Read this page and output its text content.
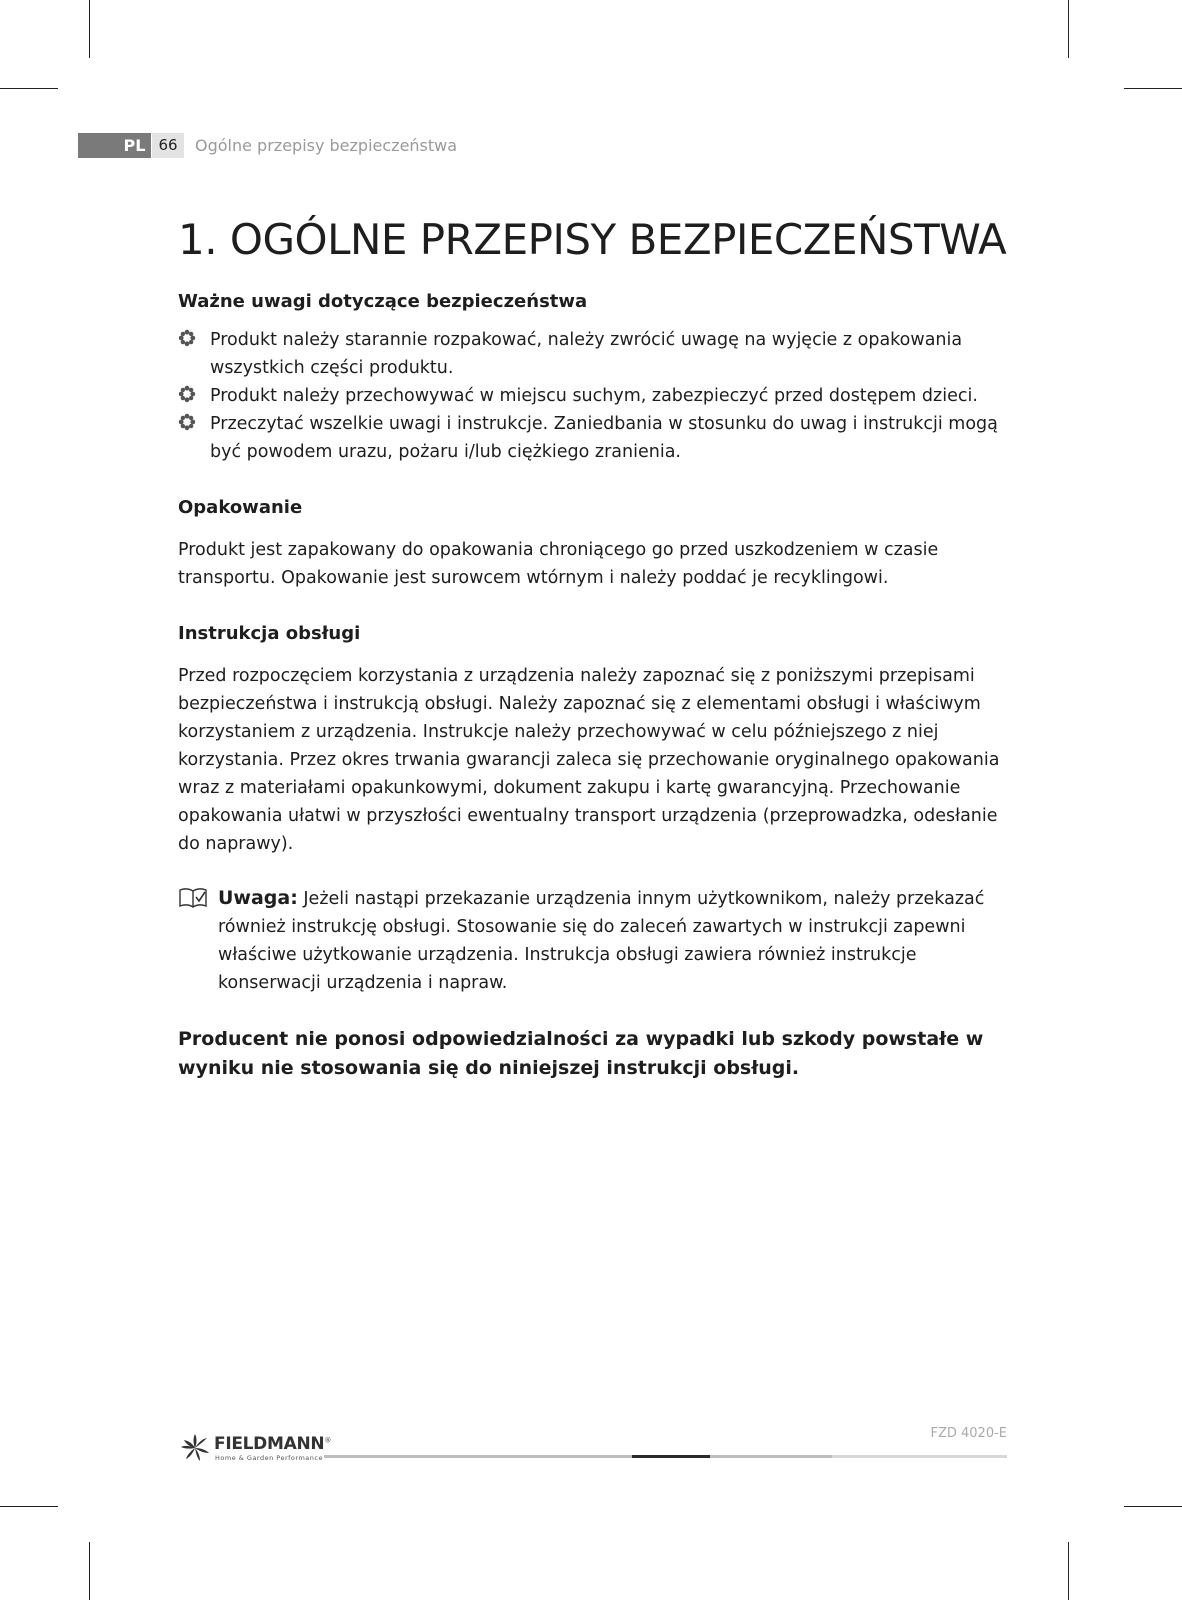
PL 66	Ogólne przepisy bezpieczeństwa
1. OGÓLNE PRZEPISY BEZPIECZEŃSTWA
Ważne uwagi dotyczące bezpieczeństwa
Produkt należy starannie rozpakować, należy zwrócić uwagę na wyjęcie z opakowania wszystkich części produktu.
Produkt należy przechowywać w miejscu suchym, zabezpieczyć przed dostępem dzieci.
Przeczytać wszelkie uwagi i instrukcje. Zaniedbania w stosunku do uwag i instrukcji mogą być powodem urazu, pożaru i/lub ciężkiego zranienia.
Opakowanie

Produkt jest zapakowany do opakowania chroniącego go przed uszkodzeniem w czasie transportu. Opakowanie jest surowcem wtórnym i należy poddać je recyklingowi.

Instrukcja obsługi

Przed rozpoczęciem korzystania z urządzenia należy zapoznać się z poniższymi przepisami bezpieczeństwa i instrukcją obsługi. Należy zapoznać się z elementami obsługi i właściwym korzystaniem z urządzenia. Instrukcje należy przechowywać w celu późniejszego z niej korzystania. Przez okres trwania gwarancji zaleca się przechowanie oryginalnego opakowania wraz z materiałami opakunkowymi, dokument zakupu i kartę gwarancyjną. Przechowanie opakowania ułatwi w przyszłości ewentualny transport urządzenia (przeprowadzka, odesłanie do naprawy).

Uwaga: Jeżeli nastąpi przekazanie urządzenia innym użytkownikom, należy przekazać również instrukcję obsługi. Stosowanie się do zaleceń zawartych w instrukcji zapewni właściwe użytkowanie urządzenia. Instrukcja obsługi zawiera również instrukcje konserwacji urządzenia i napraw.

Producent nie ponosi odpowiedzialności za wypadki lub szkody powstałe w wyniku nie stosowania się do niniejszej instrukcji obsługi.

FIELDMANN®
Home & Garden Performance
FZD 4020-E
